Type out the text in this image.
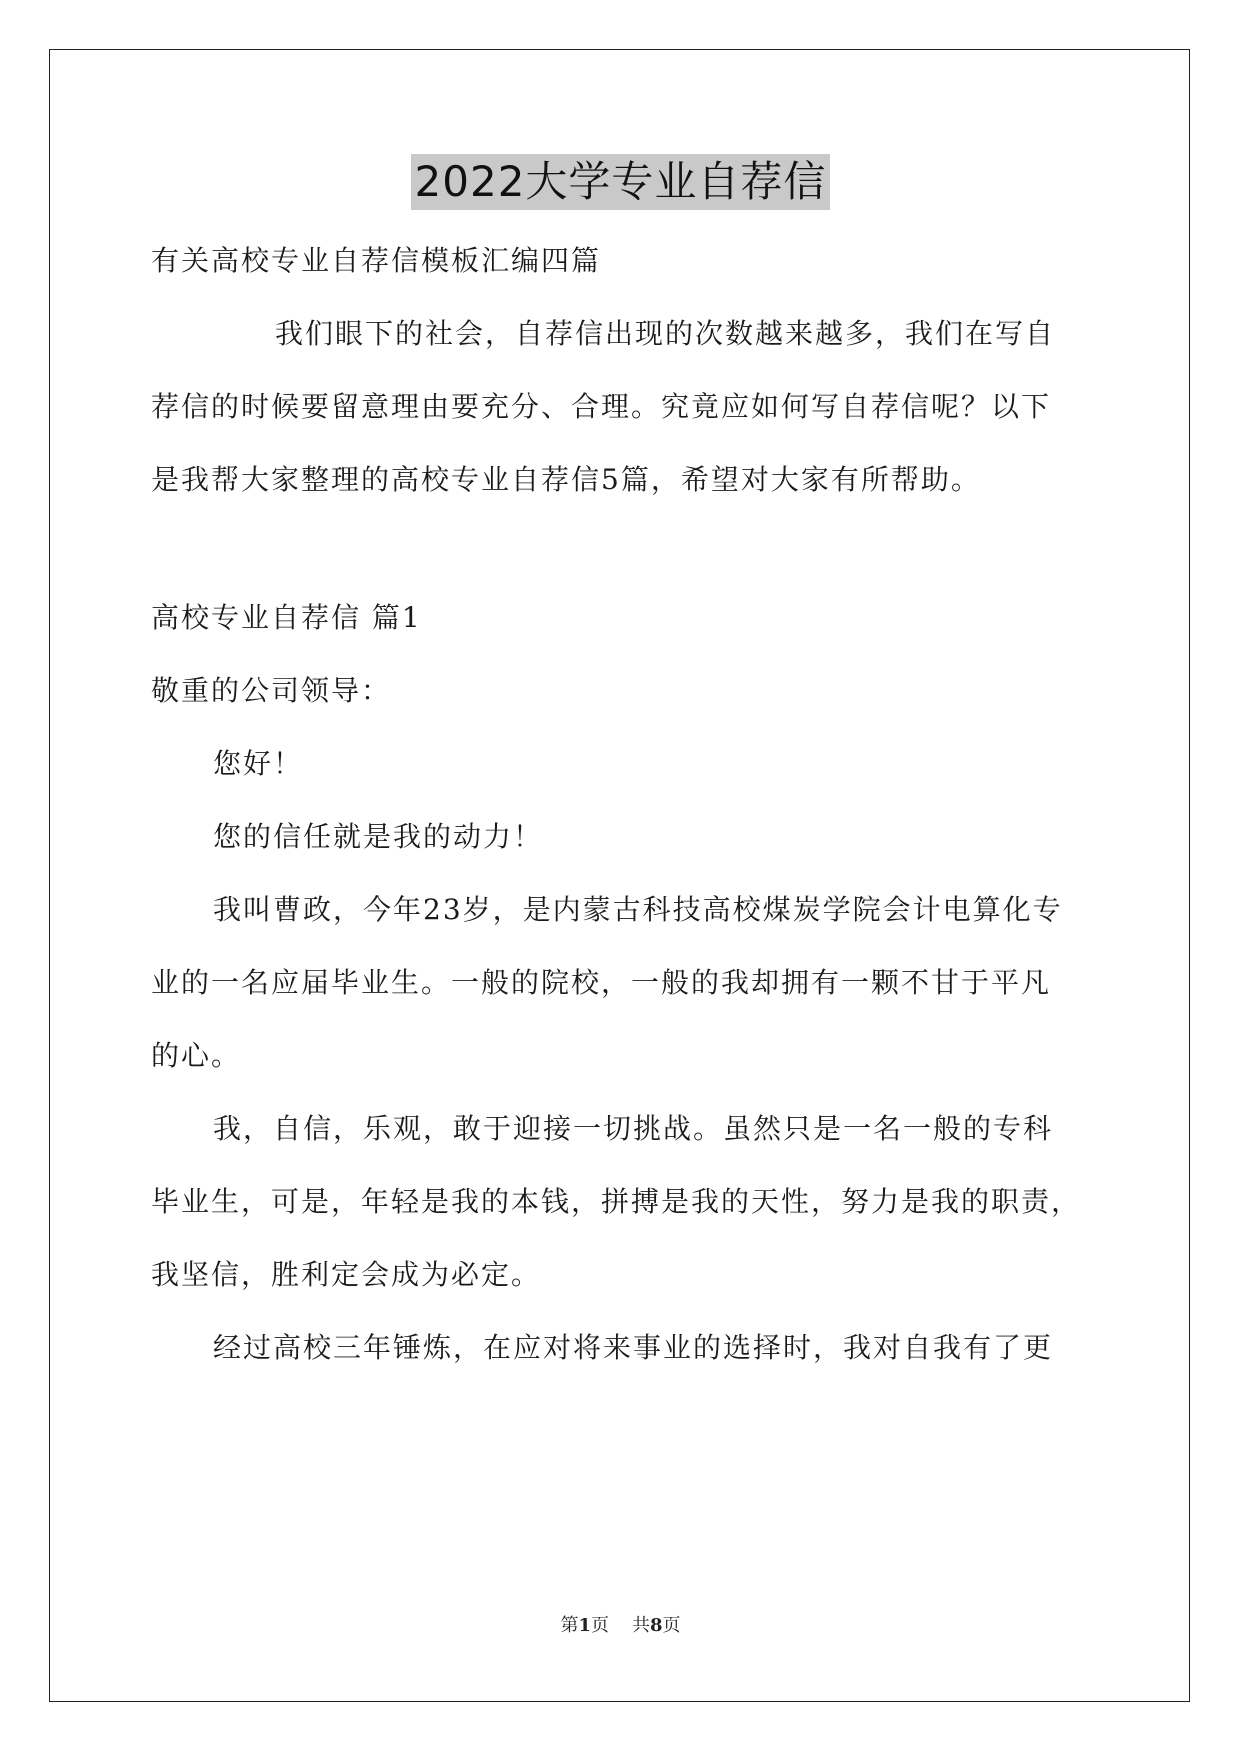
2022大学专业自荐信
有关高校专业自荐信模板汇编四篇
我们眼下的社会，自荐信出现的次数越来越多，我们在写自
荐信的时候要留意理由要充分、合理。究竟应如何写自荐信呢？以下
是我帮大家整理的高校专业自荐信5篇，希望对大家有所帮助。
高校专业自荐信 篇1
敬重的公司领导：
您好！
您的信任就是我的动力！
我叫曹政，今年23岁，是内蒙古科技高校煤炭学院会计电算化专
业的一名应届毕业生。一般的院校，一般的我却拥有一颗不甘于平凡
的心。
我，自信，乐观，敢于迎接一切挑战。虽然只是一名一般的专科
毕业生，可是，年轻是我的本钱，拼搏是我的天性，努力是我的职责，
我坚信，胜利定会成为必定。
经过高校三年锤炼，在应对将来事业的选择时，我对自我有了更
第1页 共8页
